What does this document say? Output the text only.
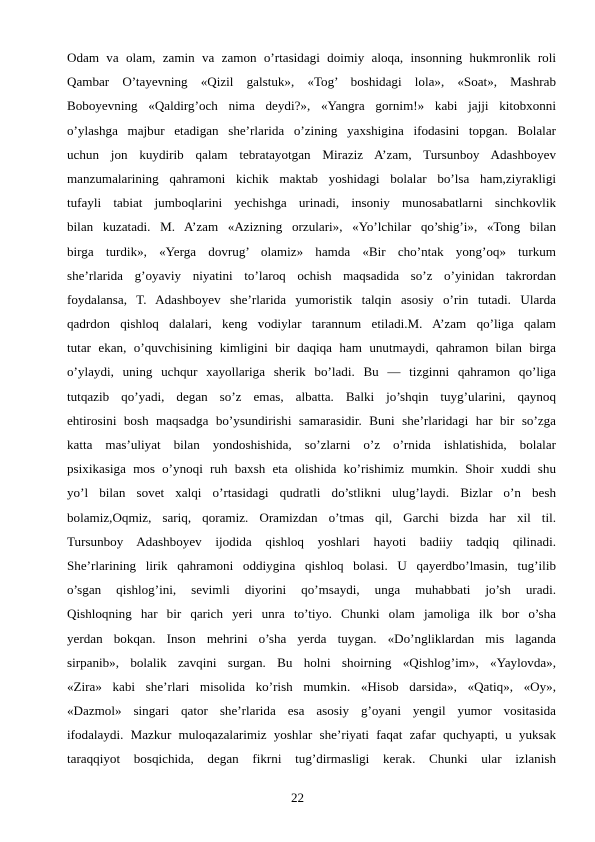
Odam va olam, zamin va zamon o’rtasidagi doimiy aloqa, insonning hukmronlik roli
Qambar O’tayevning «Qizil galstuk», «Tog’ boshidagi lola», «Soat», Mashrab
Boboyevning «Qaldirg’och nima deydi?», «Yangra gornim!» kabi jajji kitobxonni
o’ylashga majbur etadigan she’rlarida o’zining yaxshigina ifodasini topgan. Bolalar
uchun jon kuydirib qalam tebratayotgan Miraziz A’zam, Tursunboy Adashboyev
manzumalarining qahramoni kichik maktab yoshidagi bolalar bo’lsa ham,ziyrakligi
tufayli tabiat jumboqlarini yechishga urinadi, insoniy munosabatlarni sinchkovlik
bilan kuzatadi. M. A’zam «Azizning orzulari», «Yo’lchilar qo’shig’i», «Tong bilan
birga turdik», «Yerga dovrug’ olamiz» hamda «Bir cho’ntak yong’oq» turkum
she’rlarida g’oyaviy niyatini to’laroq ochish maqsadida so’z o’yinidan takrordan
foydalansa, T. Adashboyev she’rlarida yumoristik talqin asosiy o’rin tutadi. Ularda
qadrdon qishloq dalalari, keng vodiylar tarannum etiladi.M. A’zam qo’liga qalam
tutar ekan, o’quvchisining kimligini bir daqiqa ham unutmaydi, qahramon bilan birga
o’ylaydi, uning uchqur xayollariga sherik bo’ladi. Bu — tizginni qahramon qo’liga
tutqazib qo’yadi, degan so’z emas, albatta. Balki jo’shqin tuyg’ularini, qaynoq
ehtirosini bosh maqsadga bo’ysundirishi samarasidir. Buni she’rlaridagi har bir so’zga
katta mas’uliyat bilan yondoshishida, so’zlarni o’z o’rnida ishlatishida, bolalar
psixikasiga mos o’ynoqi ruh baxsh eta olishida ko’rishimiz mumkin. Shoir xuddi shu
yo’l bilan sovet xalqi o’rtasidagi qudratli do’stlikni ulug’laydi. Bizlar o’n besh
bolamiz,Oqmiz, sariq, qoramiz. Oramizdan o’tmas qil, Garchi bizda har xil til.
Tursunboy Adashboyev ijodida qishloq yoshlari hayoti badiiy tadqiq qilinadi.
She’rlarining lirik qahramoni oddiygina qishloq bolasi. U qayerdbo’lmasin, tug’ilib
o’sgan qishlog’ini, sevimli diyorini qo’msaydi, unga muhabbati jo’sh uradi.
Qishloqning har bir qarich yeri unra to’tiyo. Chunki olam jamoliga ilk bor o’sha
yerdan bokqan. Inson mehrini o’sha yerda tuygan. «Do’ngliklardan mis laganda
sirpanib», bolalik zavqini surgan. Bu holni shoirning «Qishlog’im», «Yaylovda»,
«Zira» kabi she’rlari misolida ko’rish mumkin. «Hisob darsida», «Qatiq», «Oy»,
«Dazmol» singari qator she’rlarida esa asosiy g’oyani yengil yumor vositasida
ifodalaydi. Mazkur muloqazalarimiz yoshlar she’riyati faqat zafar quchyapti, u yuksak
taraqqiyot bosqichida, degan fikrni tug’dirmasligi kerak. Chunki ular izlanish
22
